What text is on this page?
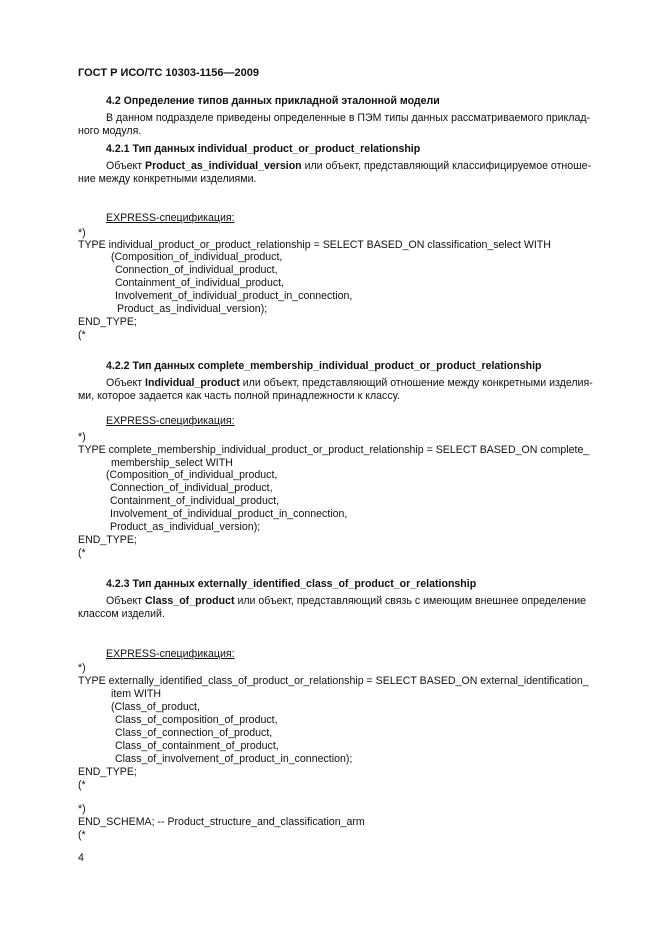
ГОСТ Р ИСО/ТС 10303-1156—2009
4.2 Определение типов данных прикладной эталонной модели
В данном подразделе приведены определенные в ПЭМ типы данных рассматриваемого приклад-
ного модуля.
4.2.1 Тип данных individual_product_or_product_relationship
Объект Product_as_individual_version или объект, представляющий классифицируемое отноше-
ние между конкретными изделиями.
EXPRESS-спецификация:
*)
TYPE individual_product_or_product_relationship = SELECT BASED_ON classification_select WITH
(Composition_of_individual_product,
Connection_of_individual_product,
Containment_of_individual_product,
Involvement_of_individual_product_in_connection,
Product_as_individual_version);
END_TYPE;
(*
4.2.2 Тип данных complete_membership_individual_product_or_product_relationship
Объект Individual_product или объект, представляющий отношение между конкретными изделия-
ми, которое задается как часть полной принадлежности к классу.
EXPRESS-спецификация:
*)
TYPE complete_membership_individual_product_or_product_relationship = SELECT BASED_ON complete_
membership_select WITH
(Composition_of_individual_product,
Connection_of_individual_product,
Containment_of_individual_product,
Involvement_of_individual_product_in_connection,
Product_as_individual_version);
END_TYPE;
(*
4.2.3 Тип данных externally_identified_class_of_product_or_relationship
Объект Class_of_product или объект, представляющий связь с имеющим внешнее определение
классом изделий.
EXPRESS-спецификация:
*)
TYPE externally_identified_class_of_product_or_relationship = SELECT BASED_ON external_identification_
item WITH
(Class_of_product,
Class_of_composition_of_product,
Class_of_connection_of_product,
Class_of_containment_of_product,
Class_of_involvement_of_product_in_connection);
END_TYPE;
(*
*)
END_SCHEMA; -- Product_structure_and_classification_arm
(*
4
